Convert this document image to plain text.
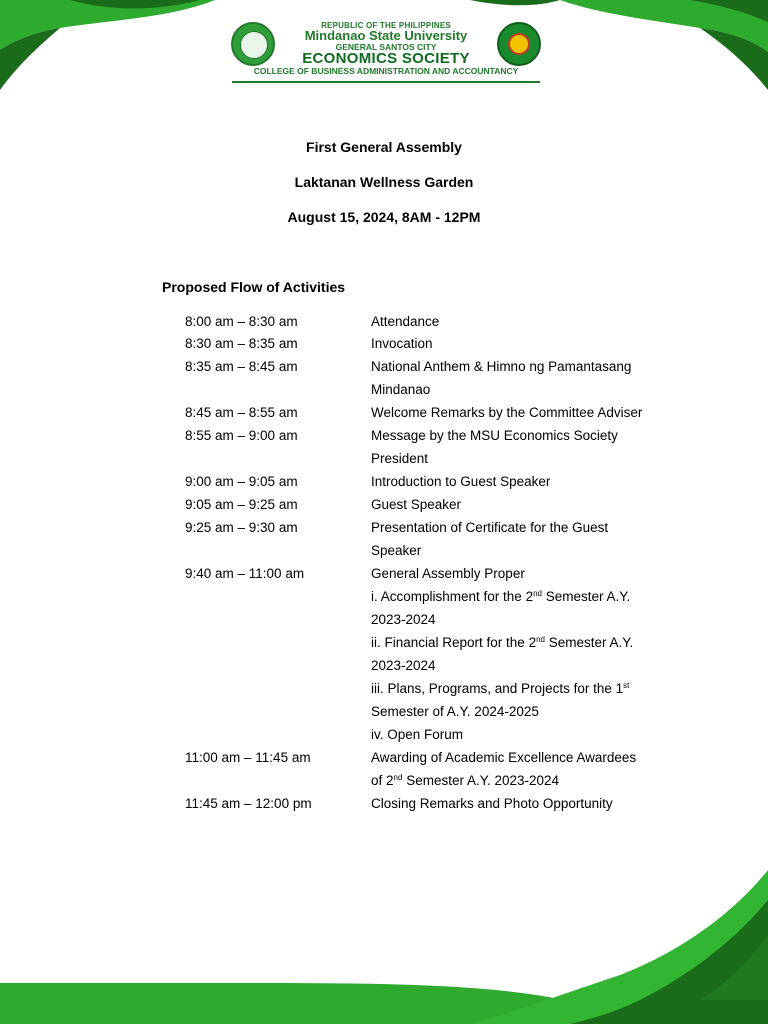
REPUBLIC OF THE PHILIPPINES
Mindanao State University
GENERAL SANTOS CITY
ECONOMICS SOCIETY
COLLEGE OF BUSINESS ADMINISTRATION AND ACCOUNTANCY
First General Assembly
Laktanan Wellness Garden
August 15, 2024, 8AM - 12PM
Proposed Flow of Activities
8:00 am – 8:30 am	Attendance
8:30 am – 8:35 am	Invocation
8:35 am – 8:45 am	National Anthem & Himno ng Pamantasang
Mindanao
8:45 am – 8:55 am	Welcome Remarks by the Committee Adviser
8:55 am – 9:00 am	Message by the MSU Economics Society
President
9:00 am – 9:05 am	Introduction to Guest Speaker
9:05 am – 9:25 am	Guest Speaker
9:25 am – 9:30 am	Presentation of Certificate for the Guest
Speaker
9:40 am – 11:00 am	General Assembly Proper
i. Accomplishment for the 2nd Semester A.Y.
2023-2024
ii. Financial Report for the 2nd Semester A.Y.
2023-2024
iii. Plans, Programs, and Projects for the 1st
Semester of A.Y. 2024-2025
iv. Open Forum
11:00 am – 11:45 am	Awarding of Academic Excellence Awardees
of 2nd Semester A.Y. 2023-2024
11:45 am – 12:00 pm	Closing Remarks and Photo Opportunity
